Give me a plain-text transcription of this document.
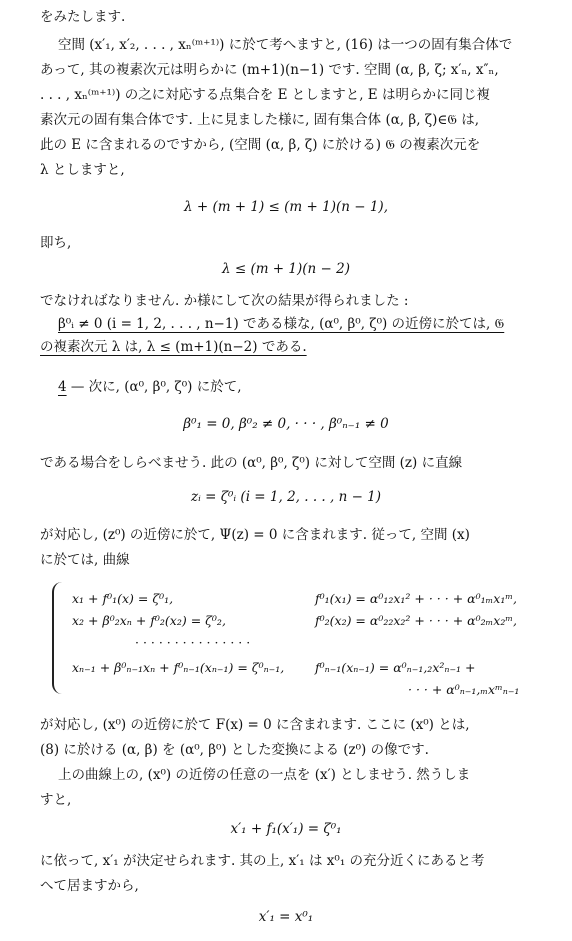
をみたします.
空間 (x′₁, x′₂, . . . , xₙ⁽ᵐ⁺¹⁾) に於て考へますと, (16) は一つの固有集合体で
あって, 其の複素次元は明らかに (m+1)(n−1) です. 空間 (α, β, ζ; x′ₙ, x″ₙ,
. . . , xₙ⁽ᵐ⁺¹⁾) の之に対応する点集合を E としますと, E は明らかに同じ複
素次元の固有集合体です. 上に見ました様に, 固有集合体 (α, β, ζ)∈𝔊 は,
此の E に含まれるのですから, (空間 (α, β, ζ) に於ける) 𝔊 の複素次元を
λ としますと,
λ + (m + 1) ≤ (m + 1)(n − 1),
即ち,
λ ≤ (m + 1)(n − 2)
でなければなりません. か様にして次の結果が得られました :
β⁰ᵢ ≠ 0 (i = 1, 2, . . . , n−1) である様な, (α⁰, β⁰, ζ⁰) の近傍に於ては, 𝔊
の複素次元 λ は, λ ≤ (m+1)(n−2) である.
4 — 次に, (α⁰, β⁰, ζ⁰) に於て,
β⁰₁ = 0, β⁰₂ ≠ 0, · · · , β⁰ₙ₋₁ ≠ 0
である場合をしらべませう. 此の (α⁰, β⁰, ζ⁰) に対して空間 (z) に直線
zᵢ = ζ⁰ᵢ (i = 1, 2, . . . , n − 1)
が対応し, (z⁰) の近傍に於て, Ψ(z) = 0 に含まれます. 従って, 空間 (x)
に於ては, 曲線
x₁ + f⁰₁(x) = ζ⁰₁,
x₂ + β⁰₂xₙ + f⁰₂(x₂) = ζ⁰₂,
· · · · · · · · · · · · · · ·
xₙ₋₁ + β⁰ₙ₋₁xₙ + f⁰ₙ₋₁(xₙ₋₁) = ζ⁰ₙ₋₁,
f⁰₁(x₁) = α⁰₁₂x₁² + · · · + α⁰₁ₘx₁ᵐ,
f⁰₂(x₂) = α⁰₂₂x₂² + · · · + α⁰₂ₘx₂ᵐ,
f⁰ₙ₋₁(xₙ₋₁) = α⁰ₙ₋₁,₂x²ₙ₋₁ +
· · · + α⁰ₙ₋₁,ₘxᵐₙ₋₁
が対応し, (x⁰) の近傍に於て F(x) = 0 に含まれます. ここに (x⁰) とは,
(8) に於ける (α, β) を (α⁰, β⁰) とした変換による (z⁰) の像です.
上の曲線上の, (x⁰) の近傍の任意の一点を (x′) としませう. 然うしま
すと,
x′₁ + f₁(x′₁) = ζ⁰₁
に依って, x′₁ が決定せられます. 其の上, x′₁ は x⁰₁ の充分近くにあると考
へて居ますから,
x′₁ = x⁰₁
